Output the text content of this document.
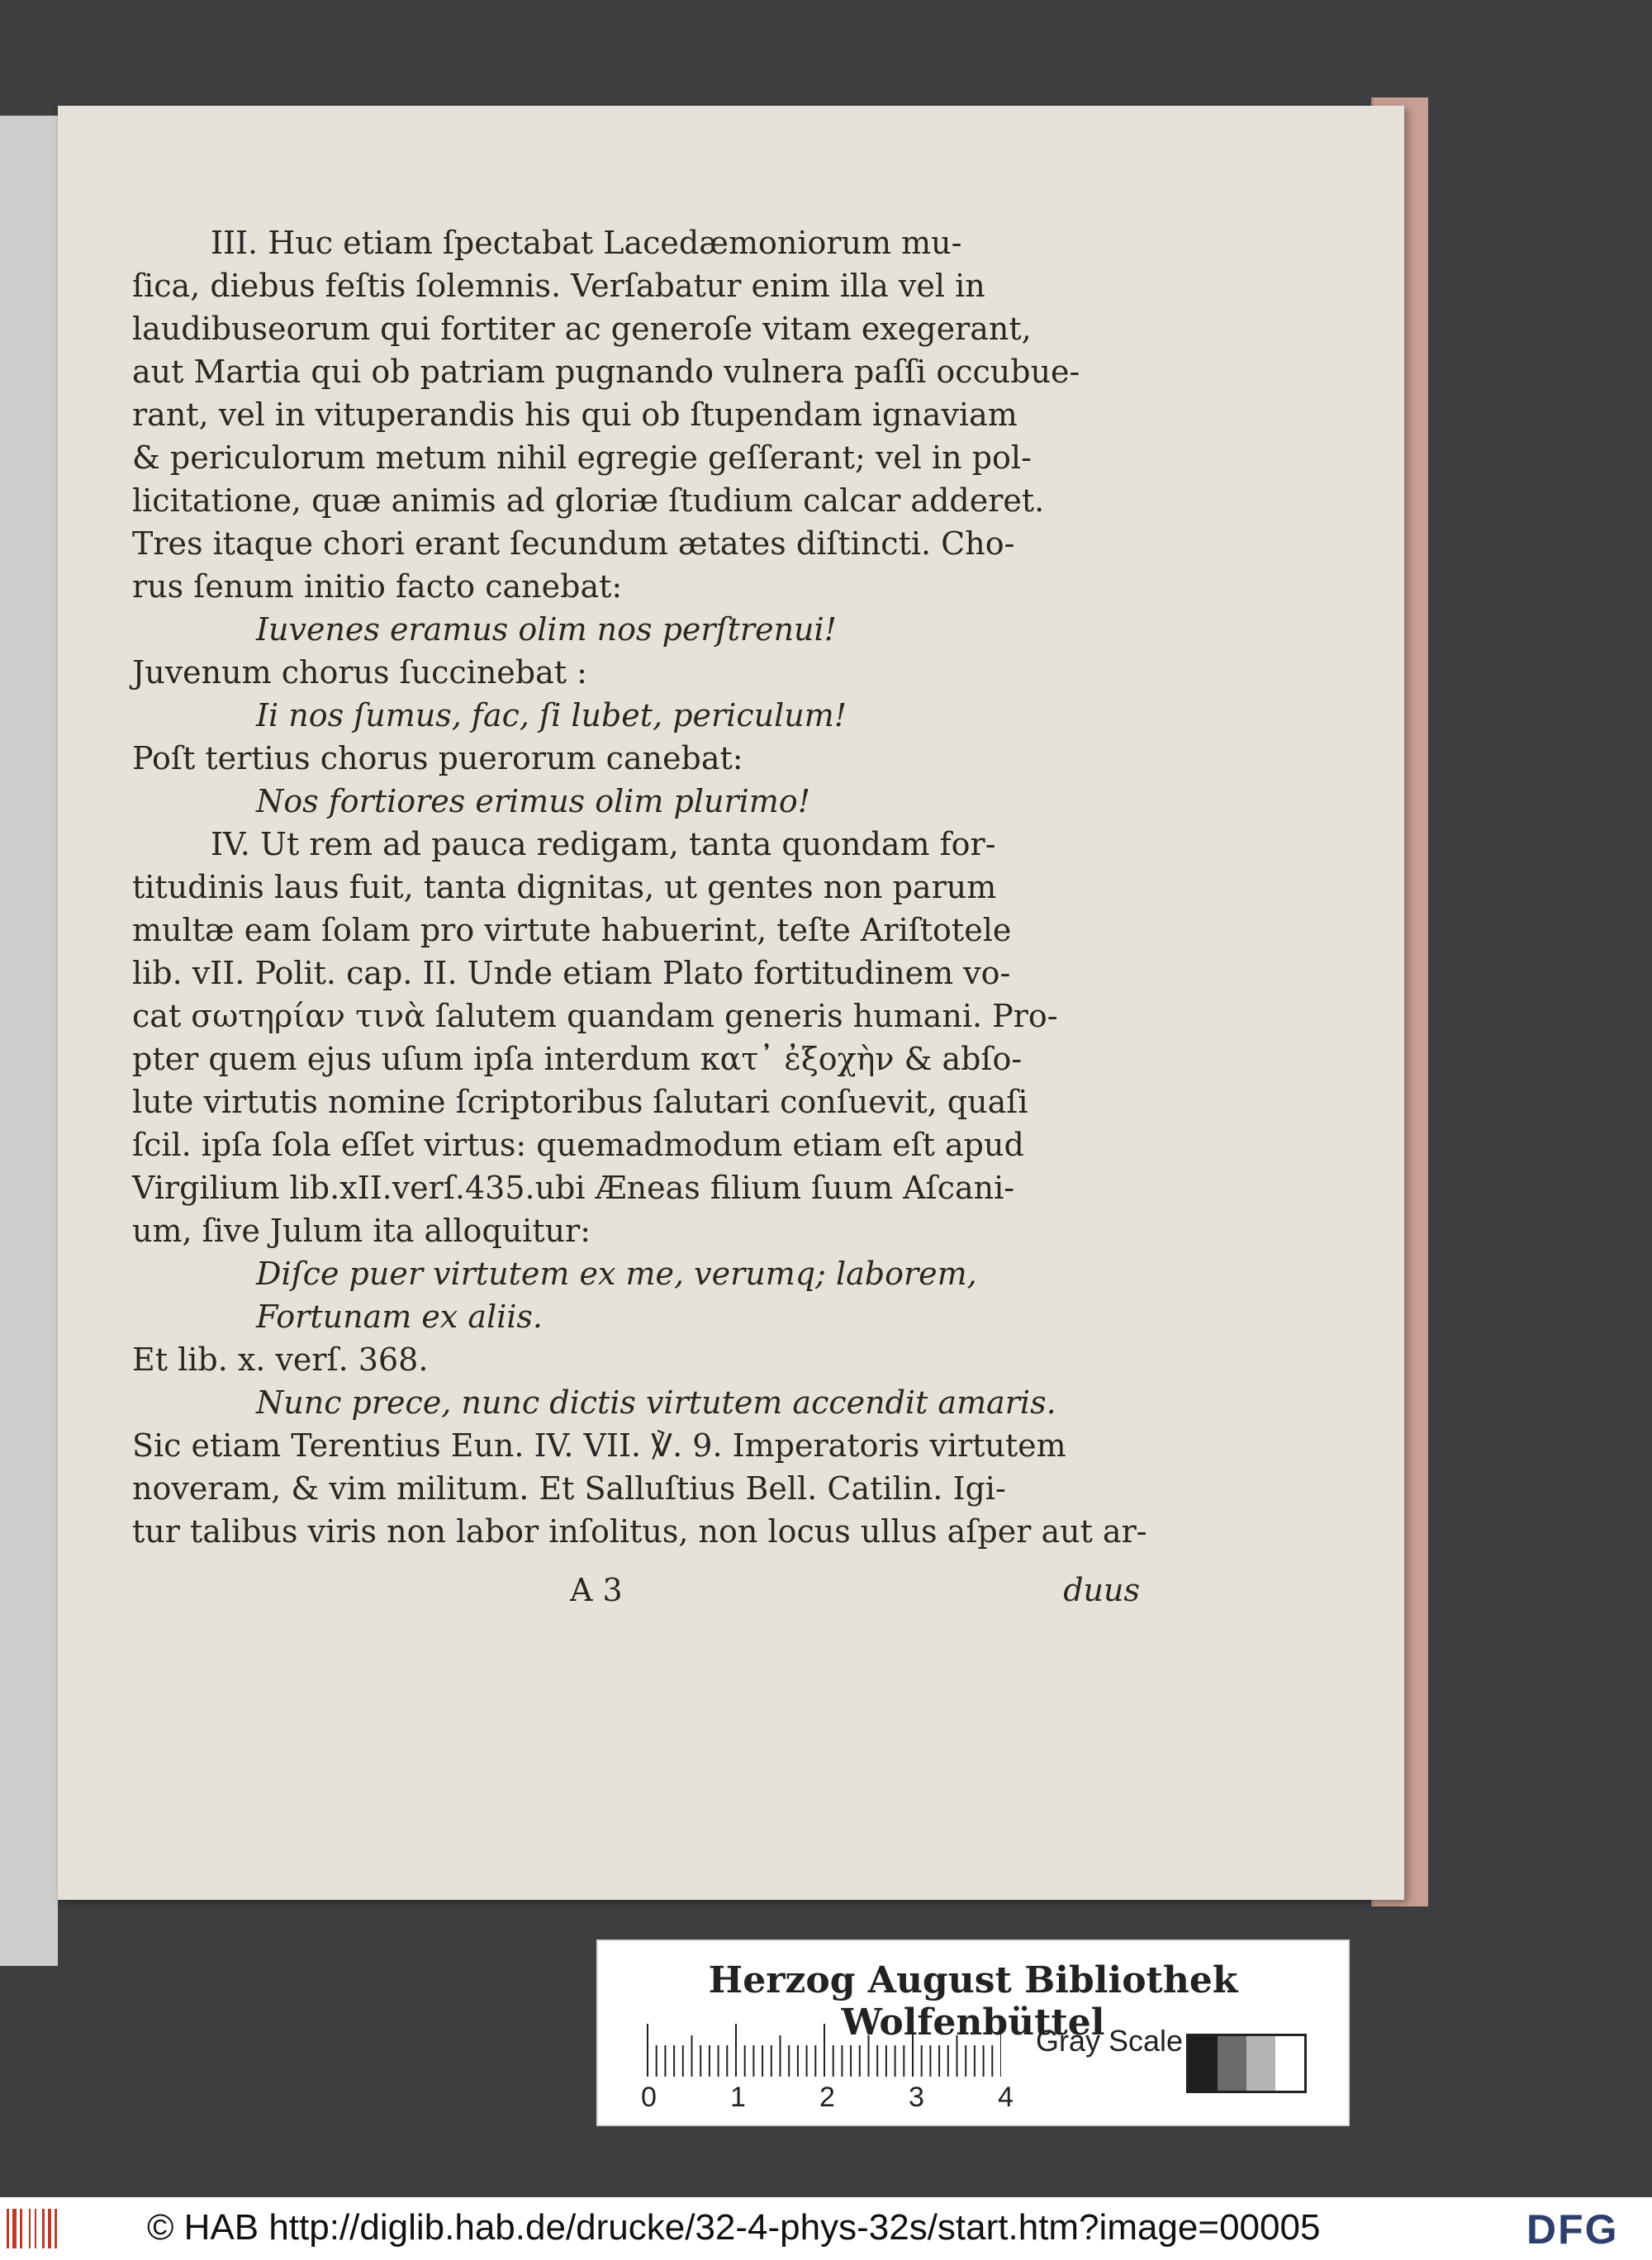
III. Huc etiam ſpectabat Lacedæmoniorum mu-
ſica, diebus feſtis ſolemnis. Verſabatur enim illa vel in
laudibuseorum qui fortiter ac generoſe vitam exegerant,
aut Martia qui ob patriam pugnando vulnera paſſi occubue-
rant, vel in vituperandis his qui ob ſtupendam ignaviam
& periculorum metum nihil egregie geſſerant; vel in pol-
licitatione, quæ animis ad gloriæ ſtudium calcar adderet.
Tres itaque chori erant ſecundum ætates diſtincti. Cho-
rus ſenum initio facto canebat:
Iuvenes eramus olim nos perſtrenui!
Juvenum chorus ſuccinebat :
Ii nos ſumus, fac, ſi lubet, periculum!
Poſt tertius chorus puerorum canebat:
Nos fortiores erimus olim plurimo!
IV. Ut rem ad pauca redigam, tanta quondam for-
titudinis laus fuit, tanta dignitas, ut gentes non parum
multæ eam ſolam pro virtute habuerint, teſte Ariſtotele
lib. vII. Polit. cap. II. Unde etiam Plato fortitudinem vo-
cat σωτηρίαν τινὰ ſalutem quandam generis humani. Pro-
pter quem ejus uſum ipſa interdum κατ᾽ ἐξοχὴν & abſo-
lute virtutis nomine ſcriptoribus ſalutari conſuevit, quaſi
ſcil. ipſa ſola eſſet virtus: quemadmodum etiam eſt apud
Virgilium lib.xII.verſ.435.ubi Æneas filium ſuum Aſcani-
um, ſive Julum ita alloquitur:
Diſce puer virtutem ex me, verumq; laborem,
Fortunam ex aliis.
Et lib. x. verſ. 368.
Nunc prece, nunc dictis virtutem accendit amaris.
Sic etiam Terentius Eun. IV. VII. ℣. 9. Imperatoris virtutem
noveram, & vim militum. Et Salluſtius Bell. Catilin. Igi-
tur talibus viris non labor inſolitus, non locus ullus aſper aut ar-
A 3	duus
Herzog August Bibliothek Wolfenbüttel
0	1	2	3	4
Gray Scale
© HAB http://diglib.hab.de/drucke/32-4-phys-32s/start.htm?image=00005	DFG
